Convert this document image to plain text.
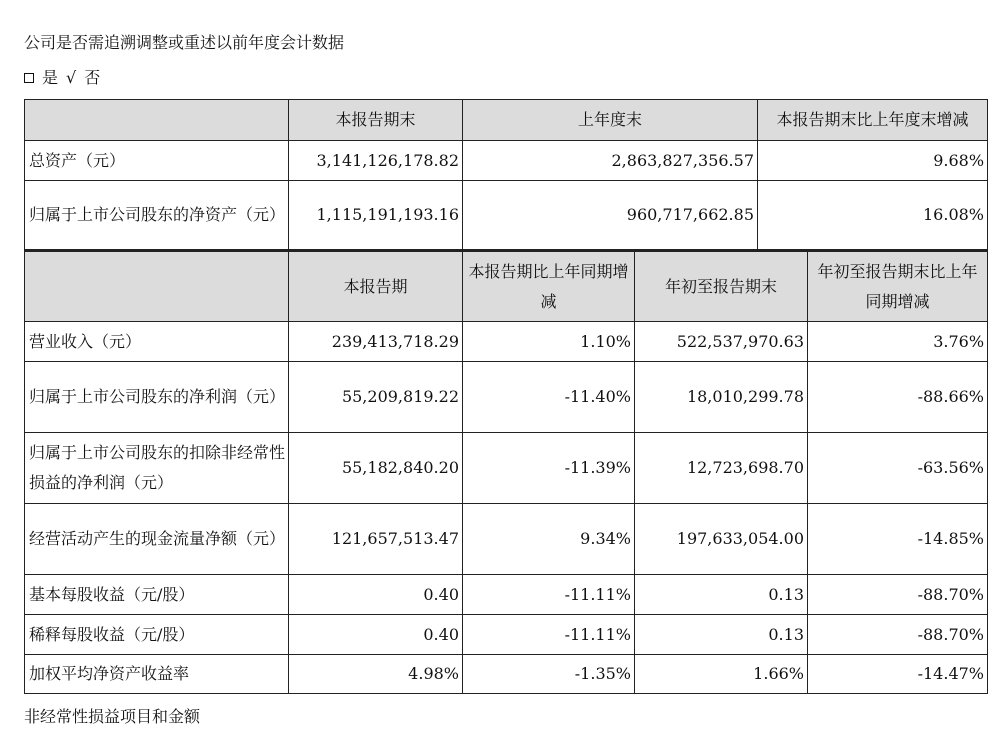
公司是否需追溯调整或重述以前年度会计数据
是 √ 否
	本报告期末	上年度末		本报告期末比上年度末增减	
总资产（元）	3,141,126,178.82	2,863,827,356.57		9.68%	
归属于上市公司股东的净资产（元）	1,115,191,193.16	960,717,662.85		16.08%	
	本报告期	本报告期比上年同期增减	年初至报告期末		年初至报告期末比上年同期增减
营业收入（元）	239,413,718.29	1.10%	522,537,970.63		3.76%
归属于上市公司股东的净利润（元）	55,209,819.22	-11.40%	18,010,299.78		-88.66%
归属于上市公司股东的扣除非经常性损益的净利润（元）	55,182,840.20	-11.39%	12,723,698.70		-63.56%
经营活动产生的现金流量净额（元）	121,657,513.47	9.34%	197,633,054.00		-14.85%
基本每股收益（元/股）	0.40	-11.11%	0.13		-88.70%
稀释每股收益（元/股）	0.40	-11.11%	0.13		-88.70%
加权平均净资产收益率	4.98%	-1.35%	1.66%		-14.47%
非经常性损益项目和金额
